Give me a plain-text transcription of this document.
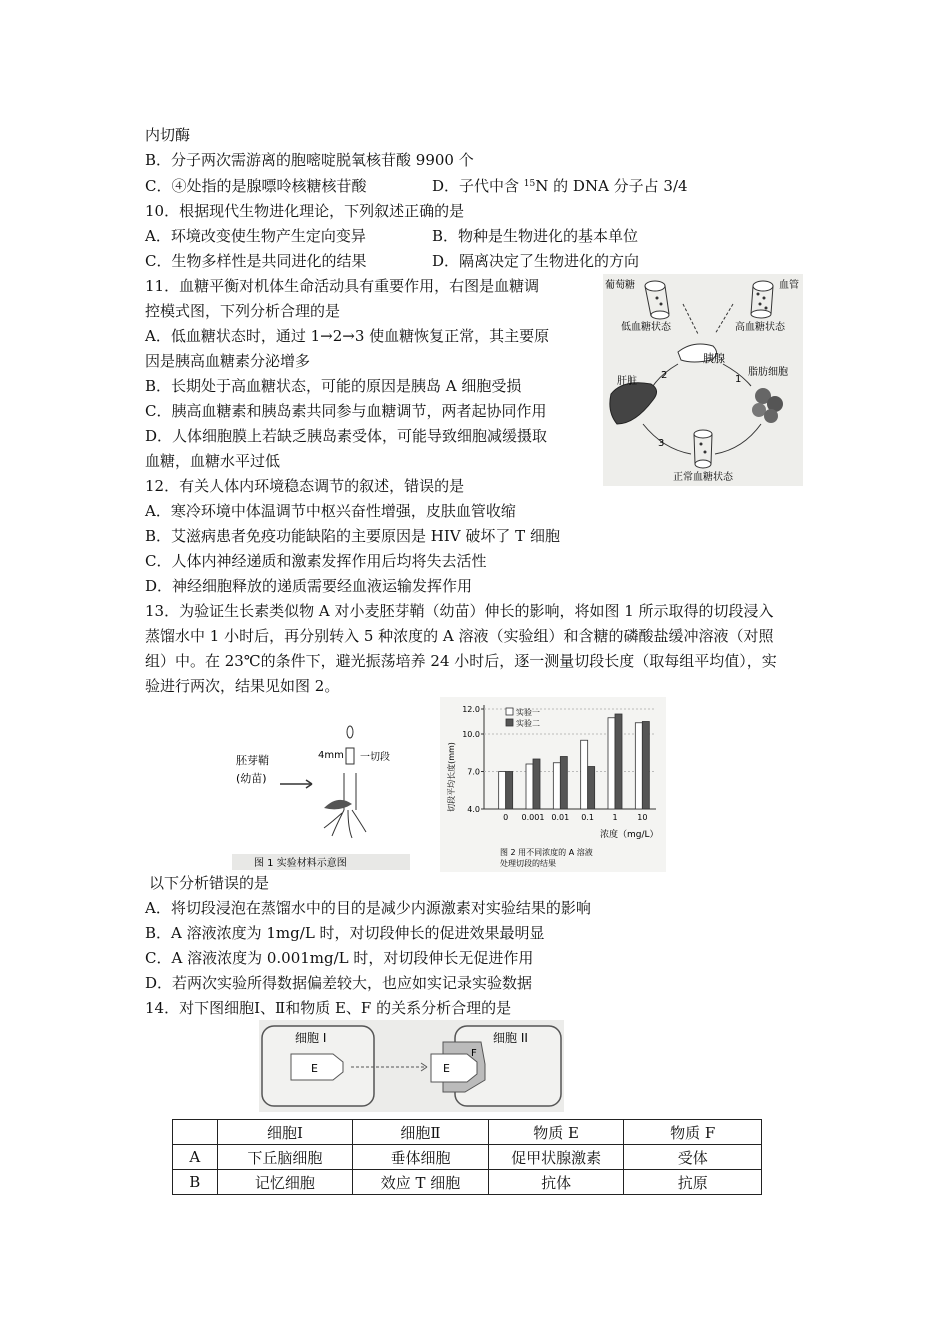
内切酶
B．分子两次需游离的胞嘧啶脱氧核苷酸 9900 个
C．④处指的是腺嘌呤核糖核苷酸	D．子代中含 $^{15}$N 的 DNA 分子占 3/4
10．根据现代生物进化理论，下列叙述正确的是
A．环境改变使生物产生定向变异	B．物种是生物进化的基本单位
C．生物多样性是共同进化的结果	D．隔离决定了生物进化的方向
11．血糖平衡对机体生命活动具有重要作用，右图是血糖调
控模式图，下列分析合理的是
A．低血糖状态时，通过 1→2→3 使血糖恢复正常，其主要原
因是胰高血糖素分泌增多
B．长期处于高血糖状态，可能的原因是胰岛 A 细胞受损
C．胰高血糖素和胰岛素共同参与血糖调节，两者起协同作用
D．人体细胞膜上若缺乏胰岛素受体，可能导致细胞减缓摄取
血糖，血糖水平过低
葡萄糖	血管
低血糖状态	高血糖状态
胰腺
肝脏
脂肪细胞
2	1
3
正常血糖状态
12．有关人体内环境稳态调节的叙述，错误的是
A．寒冷环境中体温调节中枢兴奋性增强，皮肤血管收缩
B．艾滋病患者免疫功能缺陷的主要原因是 HIV 破坏了 T 细胞
C．人体内神经递质和激素发挥作用后均将失去活性
D．神经细胞释放的递质需要经血液运输发挥作用
13．为验证生长素类似物 A 对小麦胚芽鞘（幼苗）伸长的影响，将如图 1 所示取得的切段浸入
蒸馏水中 1 小时后，再分别转入 5 种浓度的 A 溶液（实验组）和含糖的磷酸盐缓冲溶液（对照
组）中。在 23℃的条件下，避光振荡培养 24 小时后，逐一测量切段长度（取每组平均值），实
验进行两次，结果见如图 2。
胚芽鞘
(幼苗)
4mm 一切段
图 1 实验材料示意图
切段平均长度(mm)
浓度（mg/L）
图 2 用不同浓度的 A 溶液
处理切段的结果
4.0
7.0
10.0
12.0
0 0.001 0.01 0.1 1 10
实验一
实验二
以下分析错误的是
A．将切段浸泡在蒸馏水中的目的是减少内源激素对实验结果的影响
B．A 溶液浓度为 1mg/L 时，对切段伸长的促进效果最明显
C．A 溶液浓度为 0.001mg/L 时，对切段伸长无促进作用
D．若两次实验所得数据偏差较大，也应如实记录实验数据
14．对下图细胞Ⅰ、Ⅱ和物质 E、F 的关系分析合理的是
细胞 I
E
细胞 II
E
F
	细胞Ⅰ	细胞Ⅱ	物质 E	物质 F
A	下丘脑细胞	垂体细胞	促甲状腺激素	受体
B	记忆细胞	效应 T 细胞	抗体	抗原
